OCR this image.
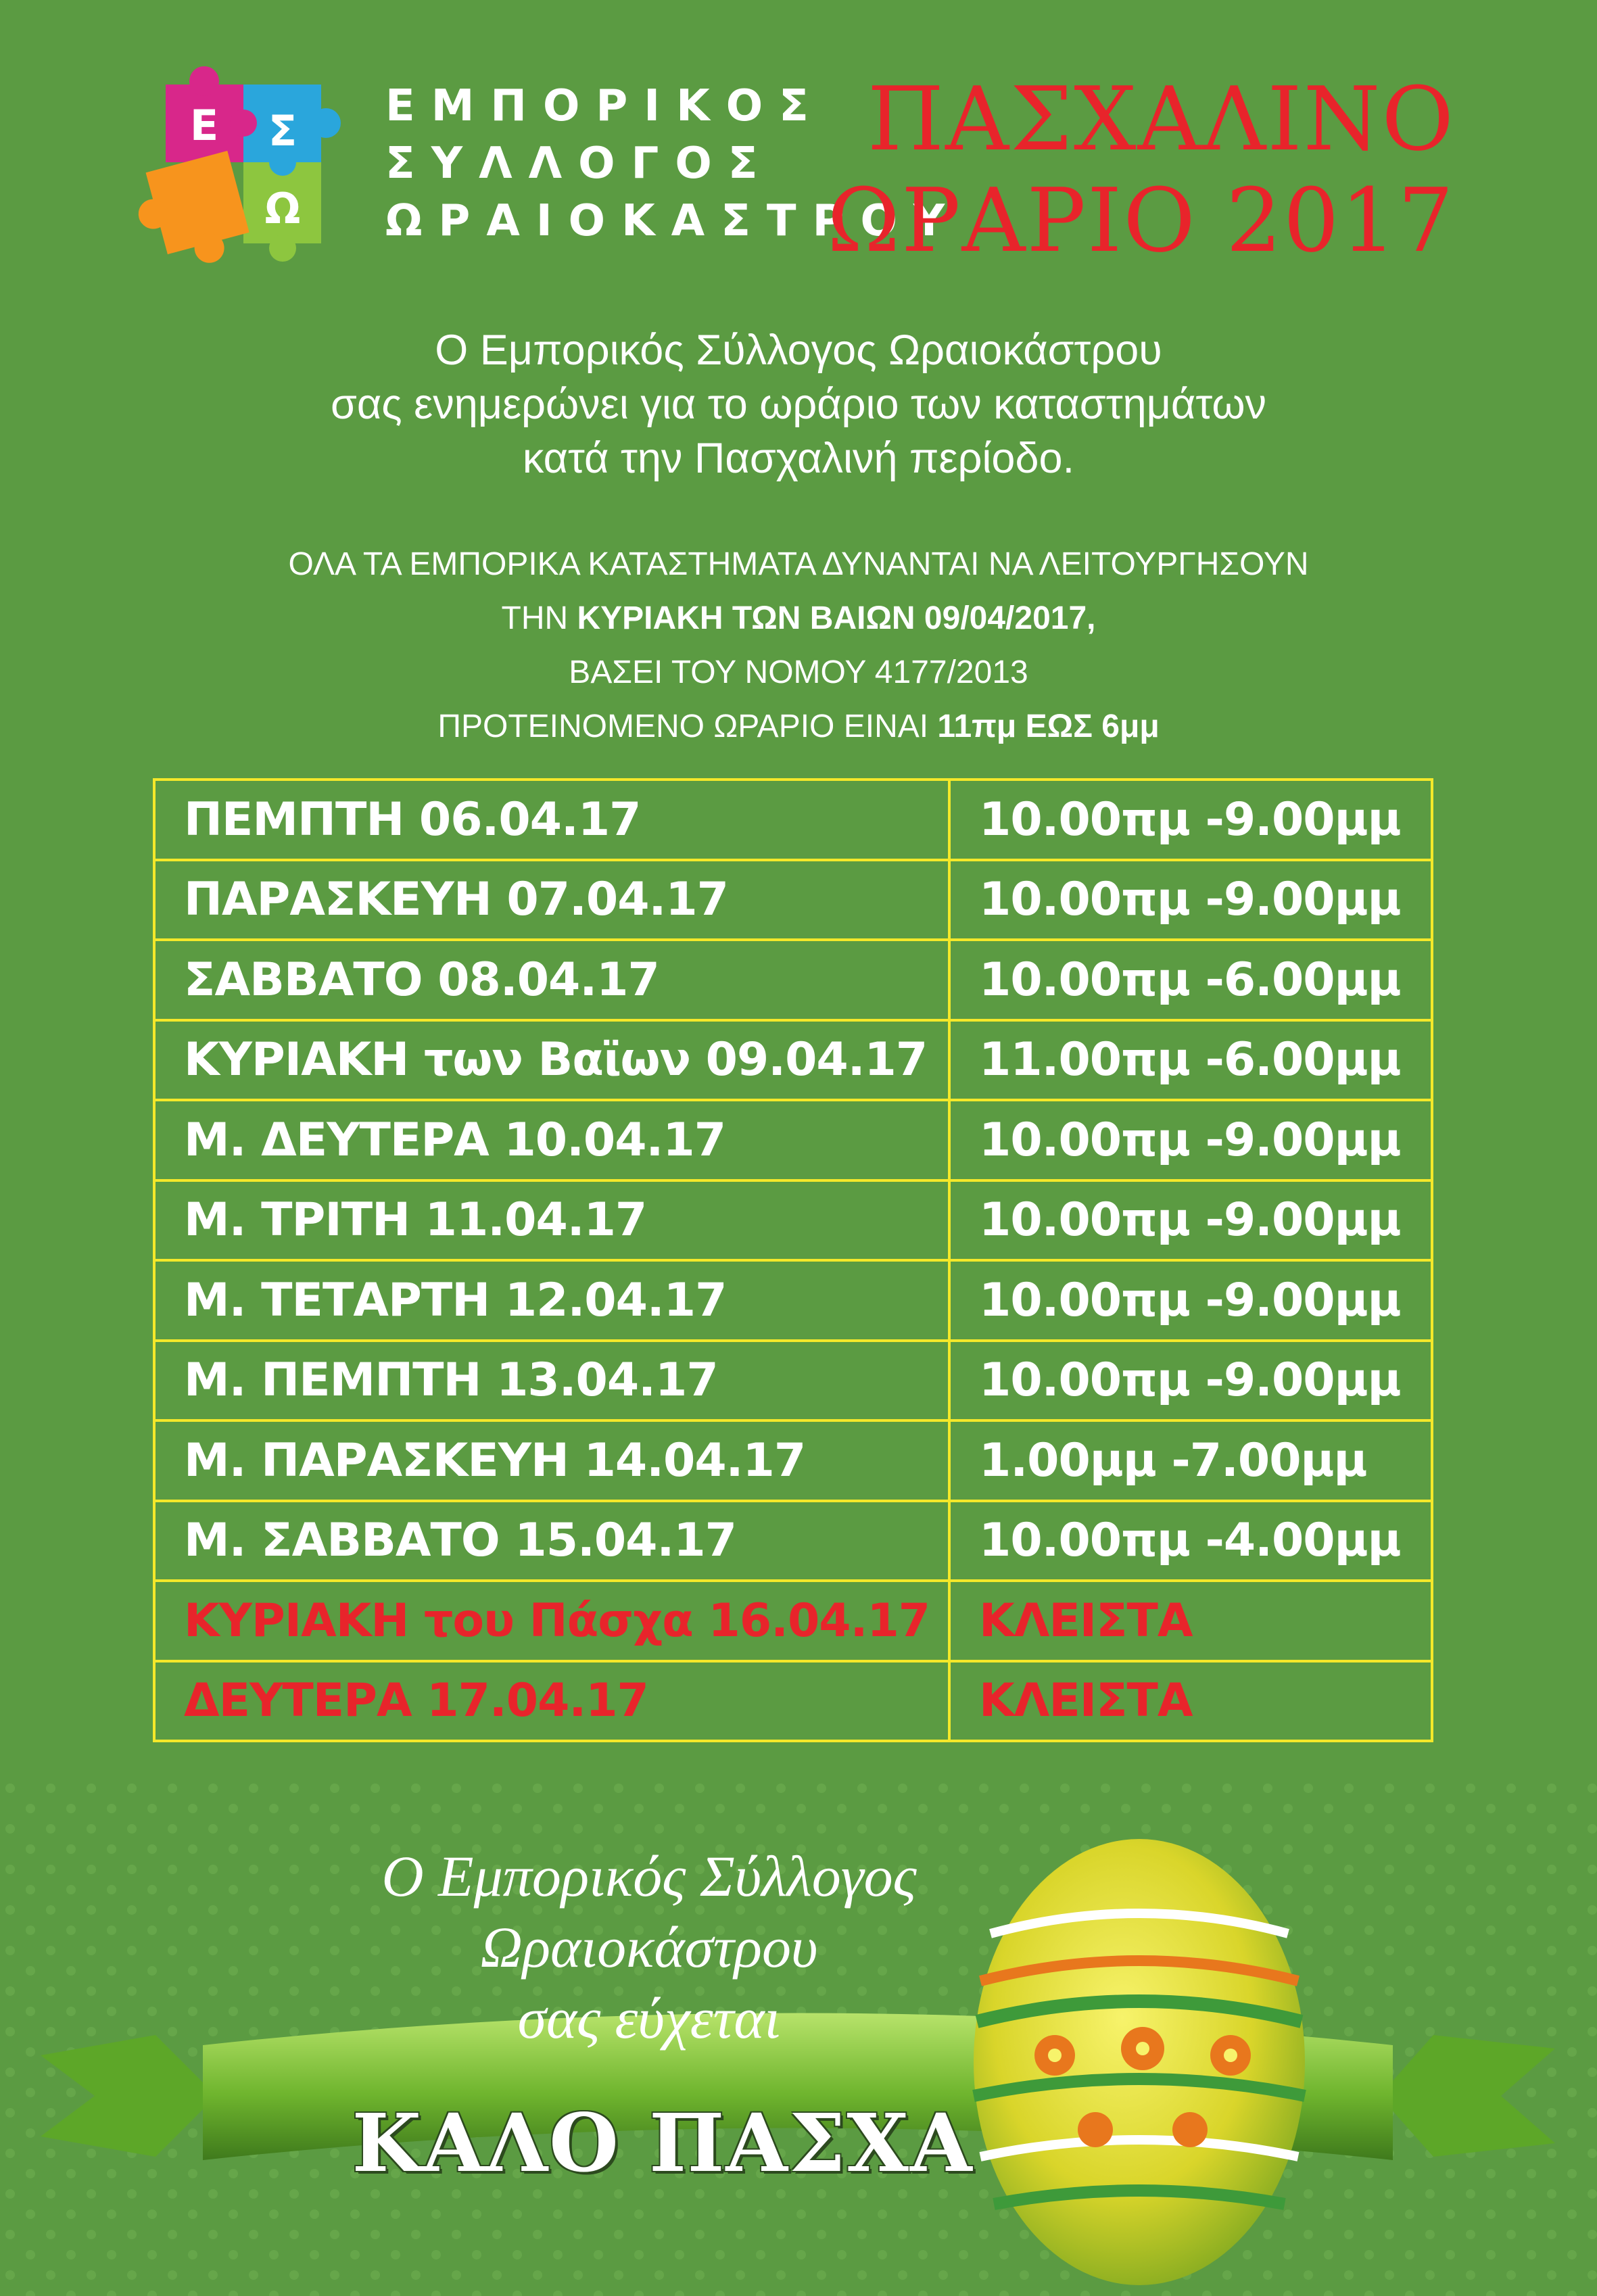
Ε Σ
Ω
ΕΜΠΟΡΙΚΟΣ
ΣΥΛΛΟΓΟΣ
ΩΡΑΙΟΚΑΣΤΡΟΥ
ΠΑΣΧΑΛΙΝΟ
ΩΡΑΡΙΟ 2017
Ο Εμπορικός Σύλλογος Ωραιοκάστρου
σας ενημερώνει για το ωράριο των καταστημάτων
κατά την Πασχαλινή περίοδο.
ΟΛΑ ΤΑ ΕΜΠΟΡΙΚΑ ΚΑΤΑΣΤΗΜΑΤΑ ΔΥΝΑΝΤΑΙ ΝΑ ΛΕΙΤΟΥΡΓΗΣΟΥΝ
ΤΗΝ ΚΥΡΙΑΚΗ ΤΩΝ ΒΑΙΩΝ 09/04/2017,
ΒΑΣΕΙ ΤΟΥ ΝΟΜΟΥ 4177/2013
ΠΡΟΤΕΙΝΟΜΕΝΟ ΩΡΑΡΙΟ ΕΙΝΑΙ 11πμ ΕΩΣ 6μμ
ΠΕΜΠΤΗ 06.04.17	10.00πμ -9.00μμ
ΠΑΡΑΣΚΕΥΗ 07.04.17	10.00πμ -9.00μμ
ΣΑΒΒΑΤΟ 08.04.17	10.00πμ -6.00μμ
ΚΥΡΙΑΚΗ των Βαϊων 09.04.17	11.00πμ -6.00μμ
Μ. ΔΕΥΤΕΡΑ 10.04.17	10.00πμ -9.00μμ
Μ. ΤΡΙΤΗ 11.04.17	10.00πμ -9.00μμ
Μ. ΤΕΤΑΡΤΗ 12.04.17	10.00πμ -9.00μμ
Μ. ΠΕΜΠΤΗ 13.04.17	10.00πμ -9.00μμ
Μ. ΠΑΡΑΣΚΕΥΗ 14.04.17	1.00μμ -7.00μμ
Μ. ΣΑΒΒΑΤΟ 15.04.17	10.00πμ -4.00μμ
ΚΥΡΙΑΚΗ του Πάσχα 16.04.17	ΚΛΕΙΣΤΑ
ΔΕΥΤΕΡΑ 17.04.17	ΚΛΕΙΣΤΑ
Ο Εμπορικός Σύλλογος
Ωραιοκάστρου
σας εύχεται
ΚΑΛΟ ΠΑΣΧΑ
